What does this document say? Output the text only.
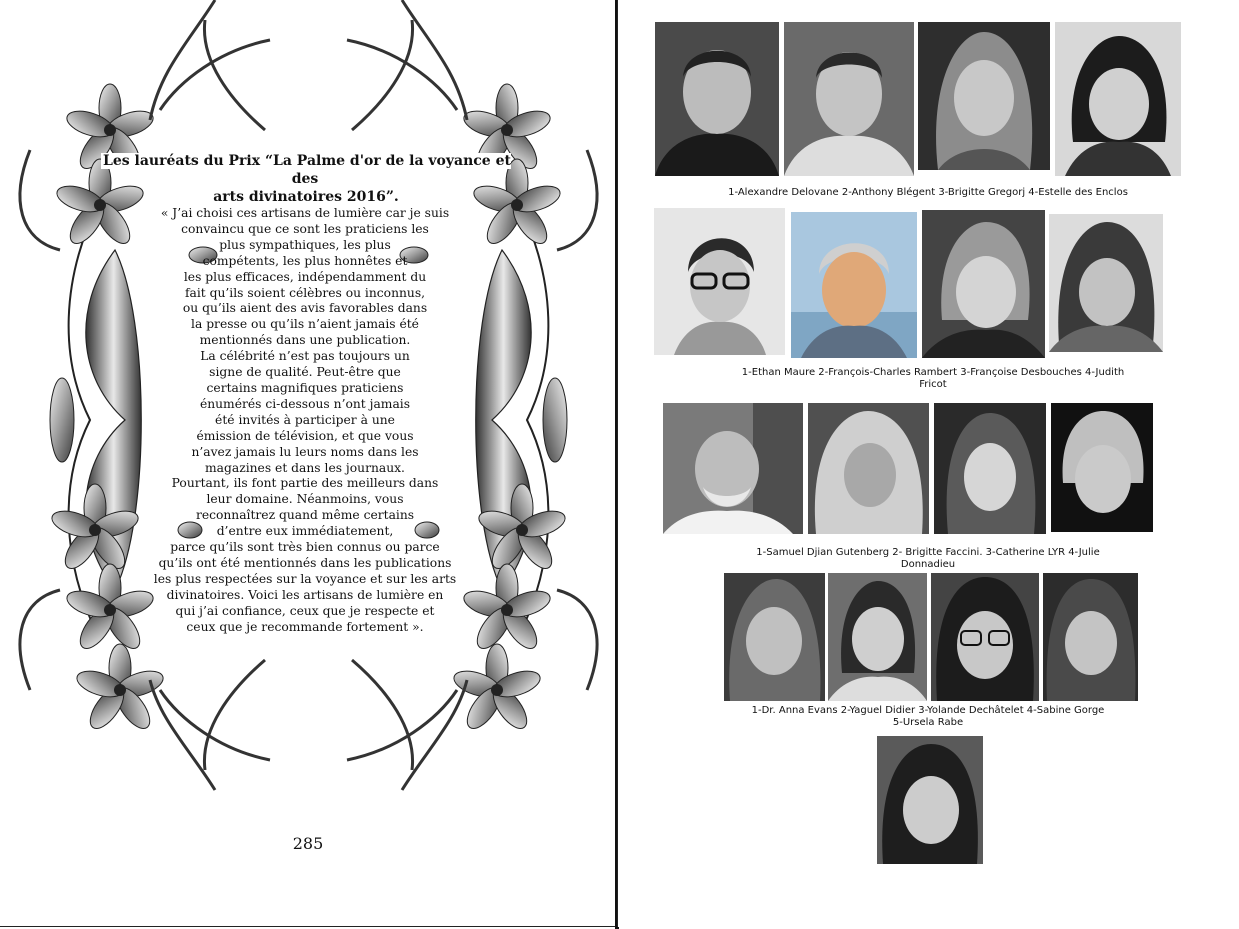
Les lauréats du Prix “La Palme d'or de la voyance et des
arts divinatoires 2016”.
« J’ai choisi ces artisans de lumière car je suis
convaincu que ce sont les praticiens les
plus sympathiques, les plus
compétents, les plus honnêtes et
les plus efficaces, indépendamment du
fait qu’ils soient célèbres ou inconnus,
ou qu’ils aient des avis favorables dans
la presse ou qu’ils n’aient jamais été
mentionnés dans une publication.
La célébrité n’est pas toujours un
signe de qualité. Peut-être que
certains magnifiques praticiens
énumérés ci-dessous n’ont jamais
été invités à participer à une
émission de télévision, et que vous
n’avez jamais lu leurs noms dans les
magazines et dans les journaux.
Pourtant, ils font partie des meilleurs dans
leur domaine. Néanmoins, vous
reconnaîtrez quand même certains
d’entre eux immédiatement,
parce qu’ils sont très bien connus ou parce
qu’ils ont été mentionnés dans les publications
les plus respectées sur la voyance et sur les arts
divinatoires. Voici les artisans de lumière en
qui j’ai confiance, ceux que je respecte et
ceux que je recommande fortement ».
285
1-Alexandre Delovane 2-Anthony Blégent 3-Brigitte Gregorj 4-Estelle des Enclos
1-Ethan Maure 2-François-Charles Rambert 3-Françoise Desbouches 4-Judith
Fricot
1-Samuel Djian Gutenberg 2- Brigitte Faccini. 3-Catherine LYR 4-Julie
Donnadieu
1-Dr. Anna Evans 2-Yaguel Didier 3-Yolande Dechâtelet 4-Sabine Gorge
5-Ursela Rabe
